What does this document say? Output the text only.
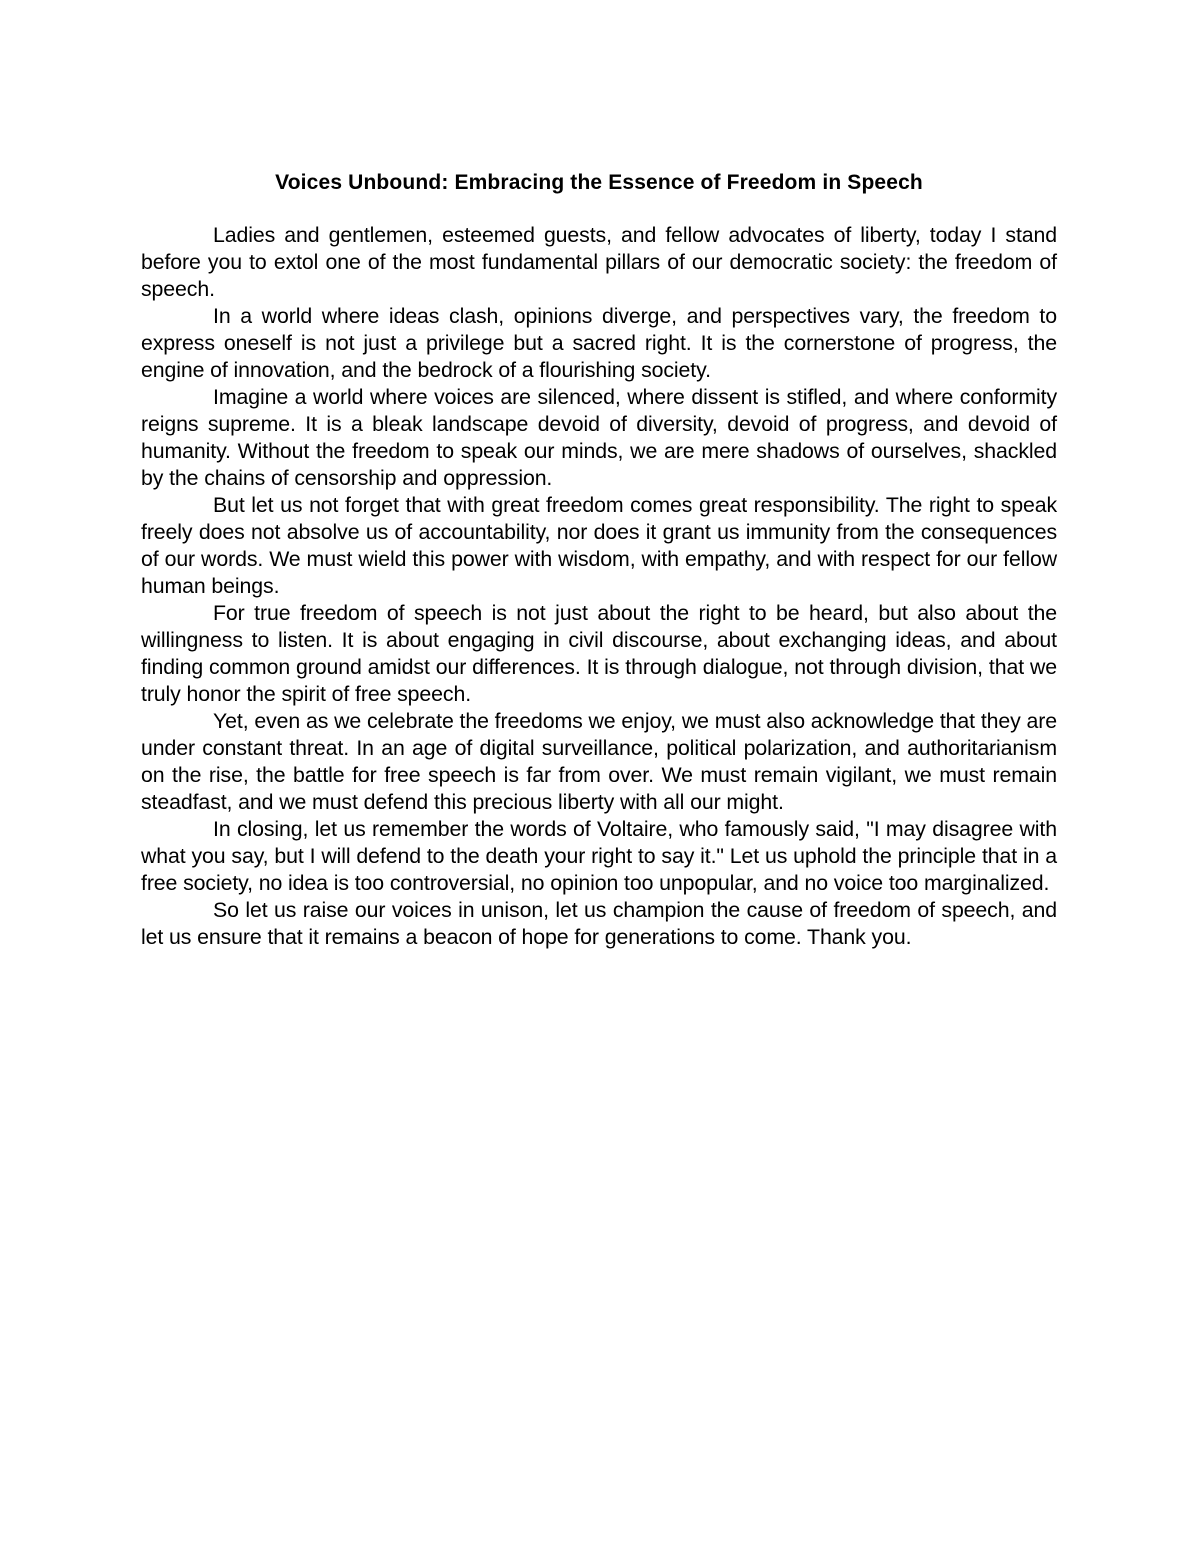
Voices Unbound: Embracing the Essence of Freedom in Speech

Ladies and gentlemen, esteemed guests, and fellow advocates of liberty, today I stand before you to extol one of the most fundamental pillars of our democratic society: the freedom of speech.

In a world where ideas clash, opinions diverge, and perspectives vary, the freedom to express oneself is not just a privilege but a sacred right. It is the cornerstone of progress, the engine of innovation, and the bedrock of a flourishing society.

Imagine a world where voices are silenced, where dissent is stifled, and where conformity reigns supreme. It is a bleak landscape devoid of diversity, devoid of progress, and devoid of humanity. Without the freedom to speak our minds, we are mere shadows of ourselves, shackled by the chains of censorship and oppression.

But let us not forget that with great freedom comes great responsibility. The right to speak freely does not absolve us of accountability, nor does it grant us immunity from the consequences of our words. We must wield this power with wisdom, with empathy, and with respect for our fellow human beings.

For true freedom of speech is not just about the right to be heard, but also about the willingness to listen. It is about engaging in civil discourse, about exchanging ideas, and about finding common ground amidst our differences. It is through dialogue, not through division, that we truly honor the spirit of free speech.

Yet, even as we celebrate the freedoms we enjoy, we must also acknowledge that they are under constant threat. In an age of digital surveillance, political polarization, and authoritarianism on the rise, the battle for free speech is far from over. We must remain vigilant, we must remain steadfast, and we must defend this precious liberty with all our might.

In closing, let us remember the words of Voltaire, who famously said, "I may disagree with what you say, but I will defend to the death your right to say it." Let us uphold the principle that in a free society, no idea is too controversial, no opinion too unpopular, and no voice too marginalized.

So let us raise our voices in unison, let us champion the cause of freedom of speech, and let us ensure that it remains a beacon of hope for generations to come. Thank you.
